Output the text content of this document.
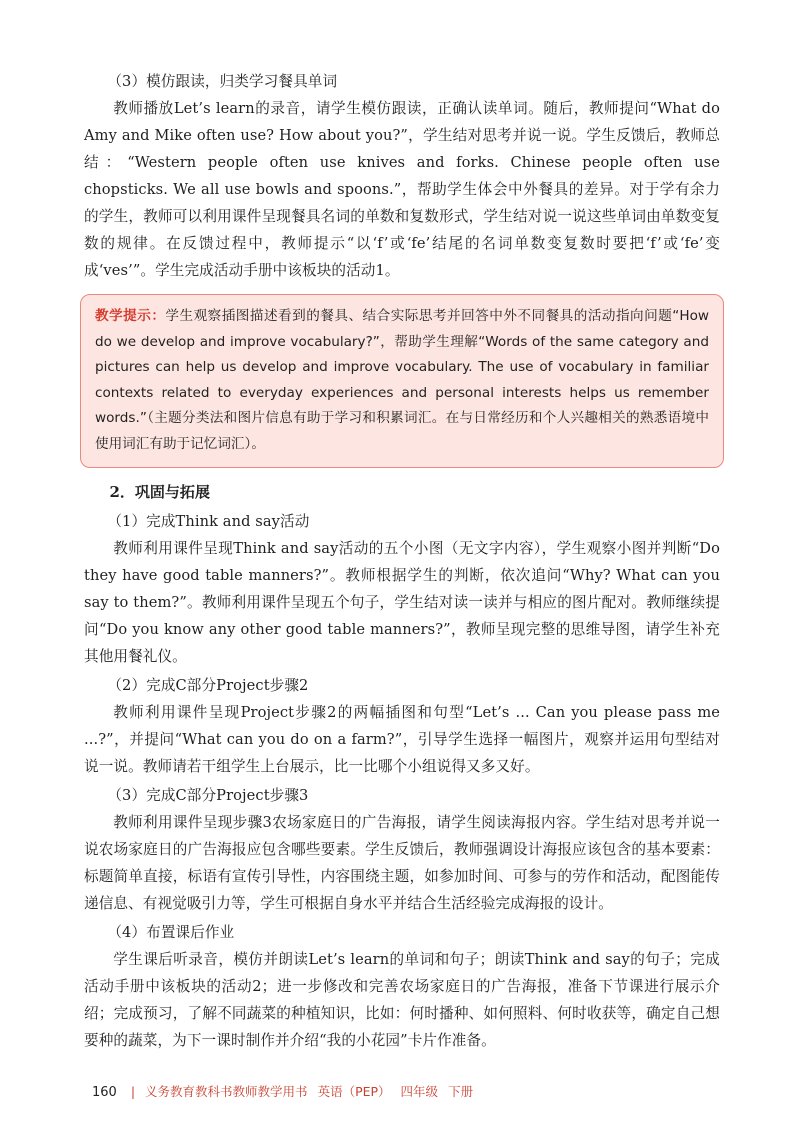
（3）模仿跟读，归类学习餐具单词

教师播放Let’s learn的录音，请学生模仿跟读，正确认读单词。随后，教师提问“What do Amy and Mike often use? How about you?”，学生结对思考并说一说。学生反馈后，教师总结：“Western people often use knives and forks. Chinese people often use chopsticks. We all use bowls and spoons.”，帮助学生体会中外餐具的差异。对于学有余力的学生，教师可以利用课件呈现餐具名词的单数和复数形式，学生结对说一说这些单词由单数变复数的规律。在反馈过程中，教师提示“以‘f’或‘fe’结尾的名词单数变复数时要把‘f’或‘fe’变成‘ves’”。学生完成活动手册中该板块的活动1。

教学提示：学生观察插图描述看到的餐具、结合实际思考并回答中外不同餐具的活动指向问题“How do we develop and improve vocabulary?”，帮助学生理解“Words of the same category and pictures can help us develop and improve vocabulary. The use of vocabulary in familiar contexts related to everyday experiences and personal interests helps us remember words.”（主题分类法和图片信息有助于学习和积累词汇。在与日常经历和个人兴趣相关的熟悉语境中使用词汇有助于记忆词汇）。

2．巩固与拓展

（1）完成Think and say活动

教师利用课件呈现Think and say活动的五个小图（无文字内容），学生观察小图并判断“Do they have good table manners?”。教师根据学生的判断，依次追问“Why? What can you say to them?”。教师利用课件呈现五个句子，学生结对读一读并与相应的图片配对。教师继续提问“Do you know any other good table manners?”，教师呈现完整的思维导图，请学生补充其他用餐礼仪。

（2）完成C部分Project步骤2

教师利用课件呈现Project步骤2的两幅插图和句型“Let’s ... Can you please pass me ...?”，并提问“What can you do on a farm?”，引导学生选择一幅图片，观察并运用句型结对说一说。教师请若干组学生上台展示，比一比哪个小组说得又多又好。

（3）完成C部分Project步骤3

教师利用课件呈现步骤3农场家庭日的广告海报，请学生阅读海报内容。学生结对思考并说一说农场家庭日的广告海报应包含哪些要素。学生反馈后，教师强调设计海报应该包含的基本要素：标题简单直接，标语有宣传引导性，内容围绕主题，如参加时间、可参与的劳作和活动，配图能传递信息、有视觉吸引力等，学生可根据自身水平并结合生活经验完成海报的设计。

（4）布置课后作业

学生课后听录音，模仿并朗读Let’s learn的单词和句子；朗读Think and say的句子；完成活动手册中该板块的活动2；进一步修改和完善农场家庭日的广告海报，准备下节课进行展示介绍；完成预习，了解不同蔬菜的种植知识，比如：何时播种、如何照料、何时收获等，确定自己想要种的蔬菜，为下一课时制作并介绍“我的小花园”卡片作准备。

160 | 义务教育教科书教师教学用书 英语（PEP） 四年级 下册
